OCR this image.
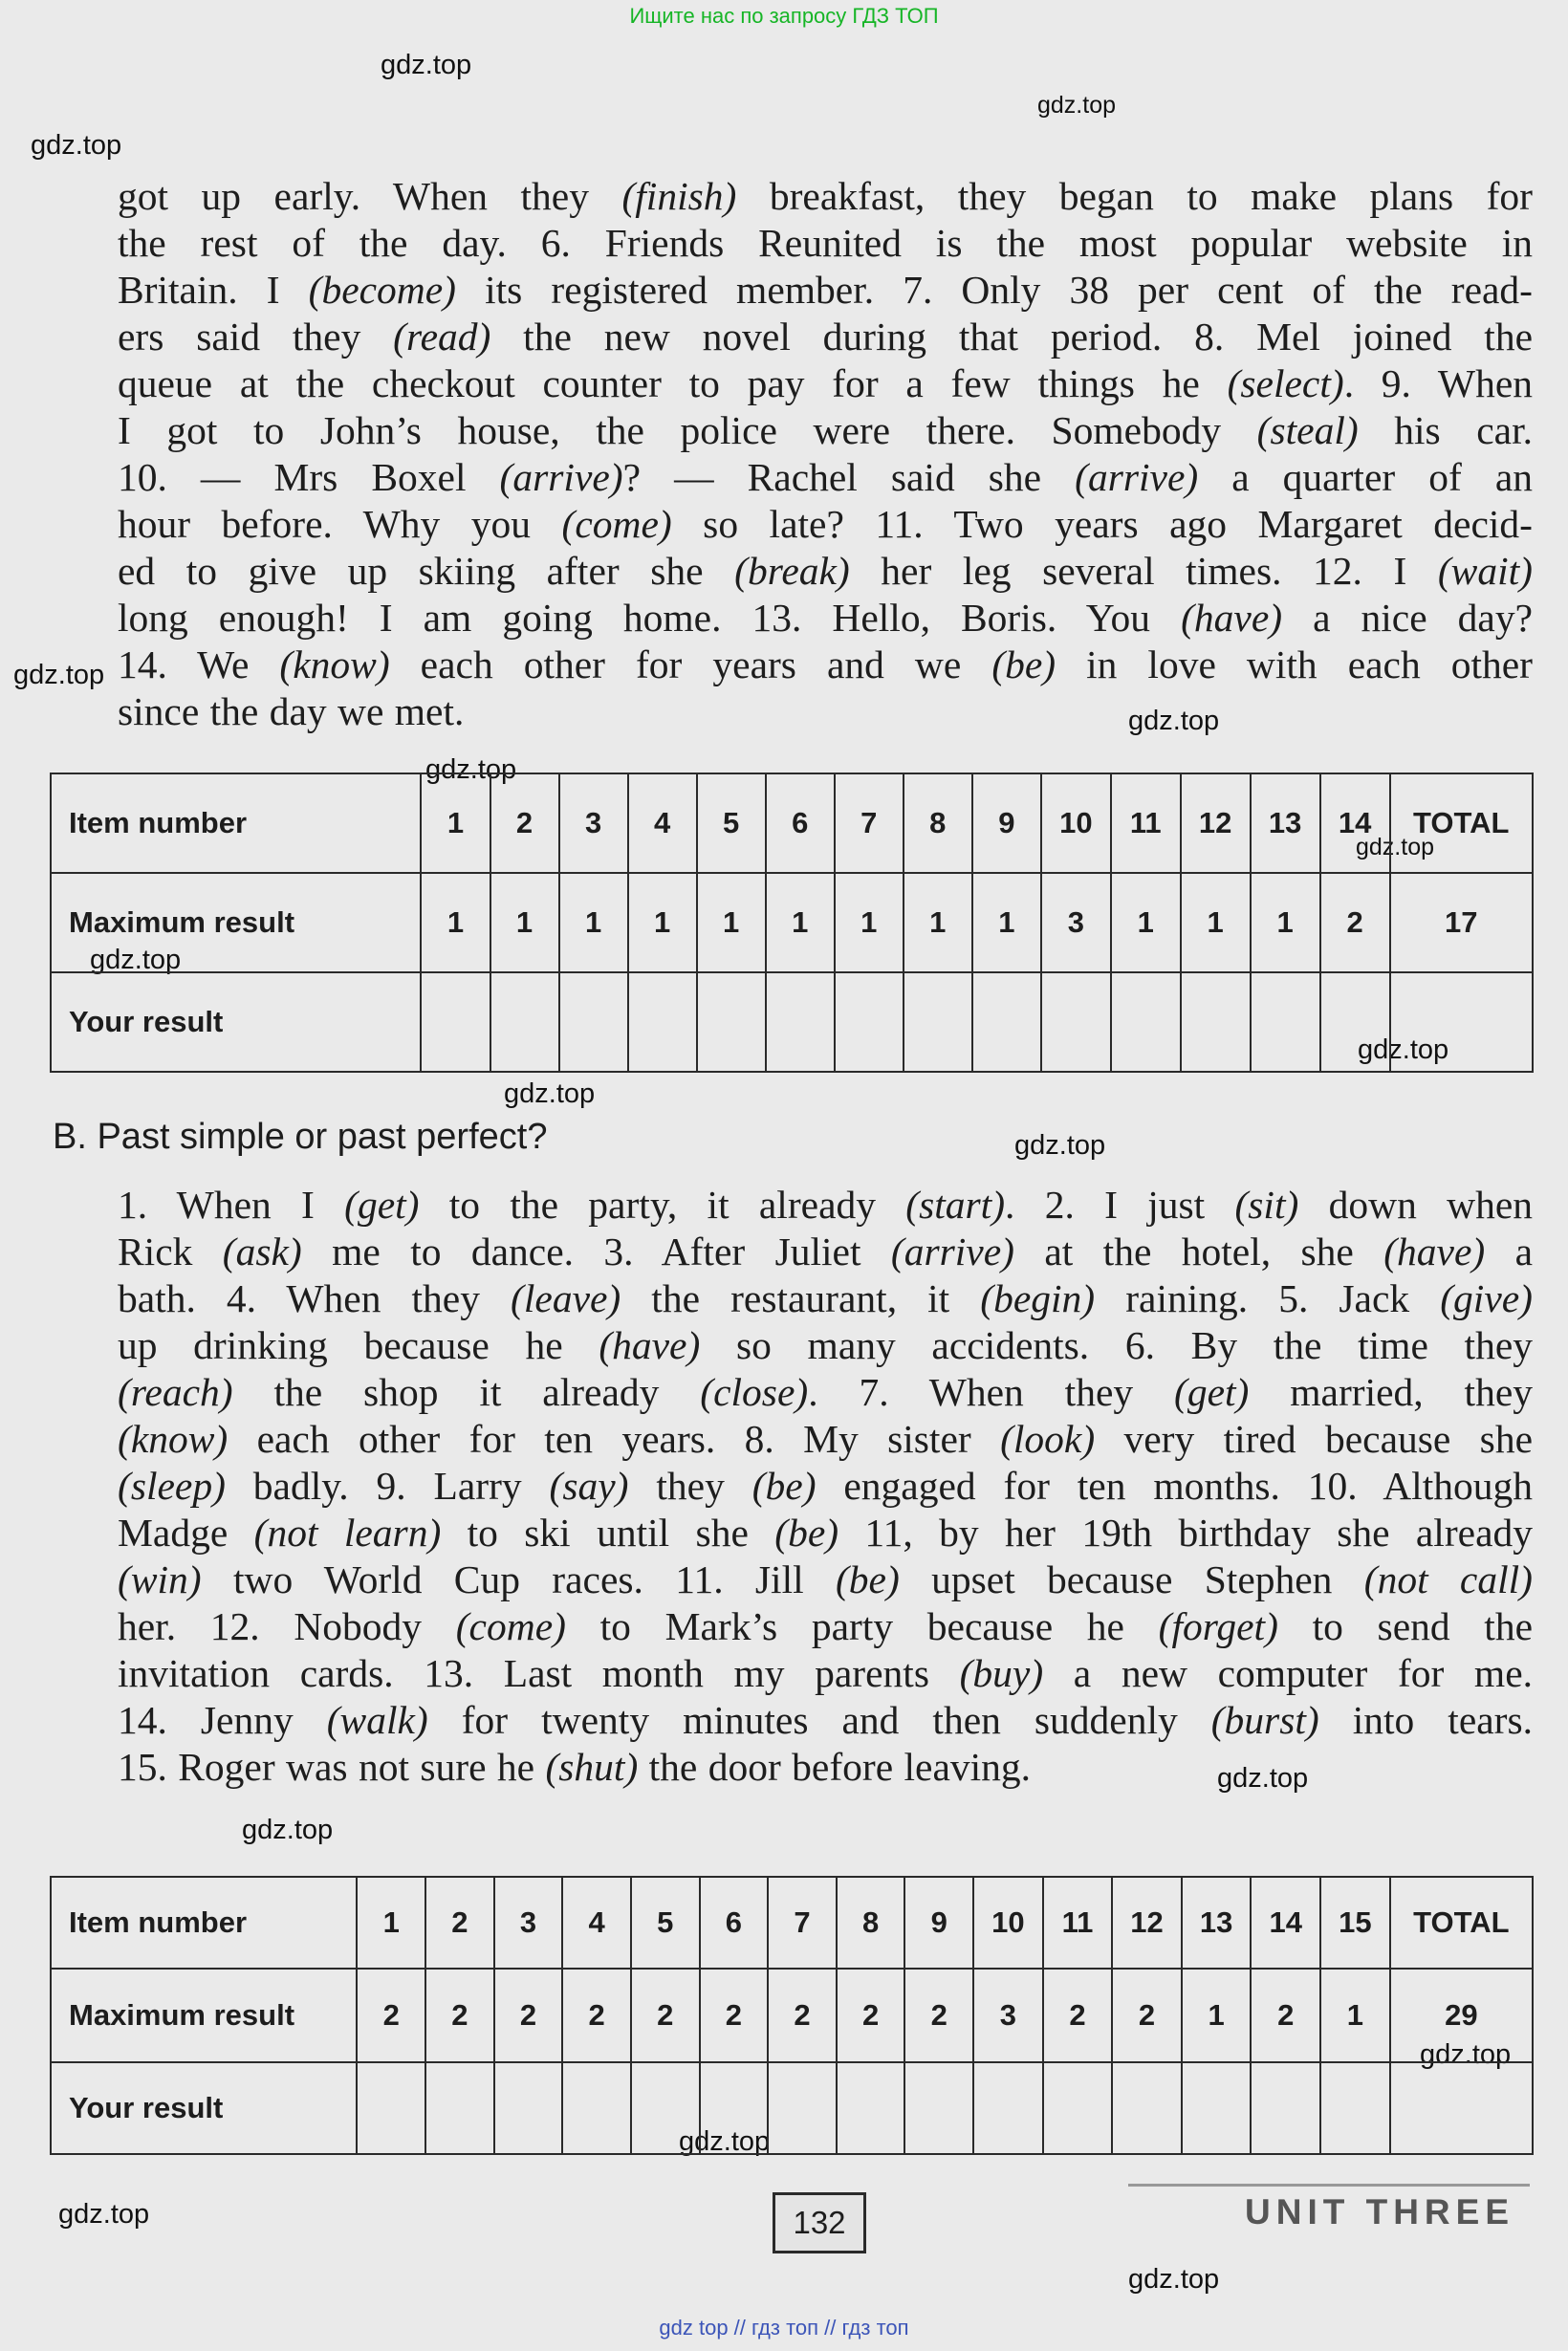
Ищите нас по запросу ГДЗ ТОП
gdz.top
gdz.top
gdz.top
gdz.top
gdz.top
gdz.top
gdz.top
gdz.top
gdz.top
gdz.top
gdz.top
gdz.top
gdz.top
gdz.top
gdz.top
gdz.top
gdz.top
got up early. When they (finish) breakfast, they began to make plans for
the rest of the day. 6. Friends Reunited is the most popular website in
Britain. I (become) its registered member. 7. Only 38 per cent of the read-
ers said they (read) the new novel during that period. 8. Mel joined the
queue at the checkout counter to pay for a few things he (select). 9. When
I got to John’s house, the police were there. Somebody (steal) his car.
10. — Mrs Boxel (arrive)? — Rachel said she (arrive) a quarter of an
hour before. Why you (come) so late? 11. Two years ago Margaret decid-
ed to give up skiing after she (break) her leg several times. 12. I (wait)
long enough! I am going home. 13. Hello, Boris. You (have) a nice day?
14. We (know) each other for years and we (be) in love with each other
since the day we met.
Item number	1	2	3	4	5	6	7	8	9	10	11	12	13	14	TOTAL
Maximum result	1	1	1	1	1	1	1	1	1	3	1	1	1	2	17
Your result															
B. Past simple or past perfect?
1. When I (get) to the party, it already (start). 2. I just (sit) down when
Rick (ask) me to dance. 3. After Juliet (arrive) at the hotel, she (have) a
bath. 4. When they (leave) the restaurant, it (begin) raining. 5. Jack (give)
up drinking because he (have) so many accidents. 6. By the time they
(reach) the shop it already (close). 7. When they (get) married, they
(know) each other for ten years. 8. My sister (look) very tired because she
(sleep) badly. 9. Larry (say) they (be) engaged for ten months. 10. Although
Madge (not learn) to ski until she (be) 11, by her 19th birthday she already
(win) two World Cup races. 11. Jill (be) upset because Stephen (not call)
her. 12. Nobody (come) to Mark’s party because he (forget) to send the
invitation cards. 13. Last month my parents (buy) a new computer for me.
14. Jenny (walk) for twenty minutes and then suddenly (burst) into tears.
15. Roger was not sure he (shut) the door before leaving.
Item number	1	2	3	4	5	6	7	8	9	10	11	12	13	14	15	TOTAL
Maximum result	2	2	2	2	2	2	2	2	2	3	2	2	1	2	1	29
Your result																
132	UNIT THREE
gdz top // гдз топ // гдз топ
